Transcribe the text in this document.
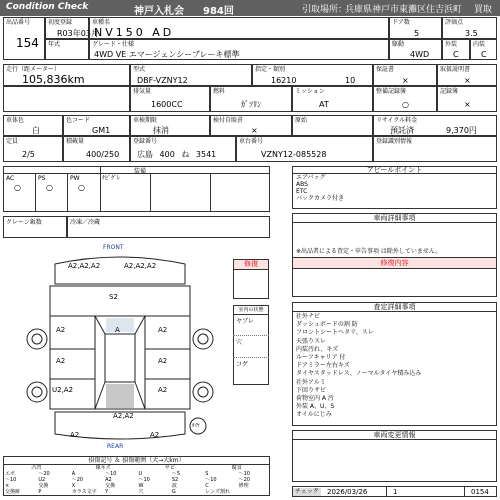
Condition Check	神戸入札会 984回	引取場所：
兵庫県神戸市東灘区住吉浜町 買取
出品番号
154
初度登録
R03年03月
年式
車種名
NV150 AD
グレード・仕様
4WD VE エマージェンシーブレーキ標準
ドア数
5
駆動
4WD
評価点
3.5
外装
C
内装
C
走行（距メーター）
105,836km
型式
DBF-VZNY12
指定・類別
16210	10
保証書
×
取扱説明書
×
排気量
1600CC
燃料
ｶﾞｿﾘﾝ
ミッション
AT
整備記録簿
○
記録簿
×
車体色
白
色コード
GM1
車検期限
抹消
検付自賠責
×
原始	リサイクル料金
預託済	9,370円
定員
2/5
積載量
400/250
登録番号
広島 400 ね 3541
車台番号
VZNY12-085528
登録識別情報
装備
AC	PS	PW	ﾅﾋﾞｸﾞﾚ
○	○	○
クレーン鈑数	冷凍／冷蔵
アピールポイント
エアバッグ
ABS
ETC
バックカメラ付き
車両詳細事項
※出品者による査定・申告事項 は除外していません。
修復内容
査定詳細事項
社外ナビ
ダッシュボードの割 防
フロントシートヘタリ、スレ
天張りスレ
内装汚れ、キズ
ルーフキャリア 付
ドアミラー左右キズ
タイヤスタッドレス、ノーマルタイヤ積み込み
社外アルミ
下回りサビ
荷物室内 A 汚
外装 A、U、S
オイルにじみ
車両変更情報
FRONT
REAR
A2,A2,A2	A2,A2,A2
S2
A2	A	A2
A2	A2
U2,A2	A2
A2,A2
A2	A2
ﾀｲﾔ
修復
室内の状態
ヤブレ
穴
コゲ
損傷記号 ＆ 損傷範囲（大→大km）
凸凹	線キズ	サビ	腐食
エボ	〜20	A	〜10	U	〜5	S	〜10
〜10	U2	〜20	A2	〜10	S2	〜10	〜20
×	交換	X	交換	W	波	C	修理
交換跡	P	カラス文字 Y	穴	G	レンズ割れ	チェック 2026/03/26	1	0154
